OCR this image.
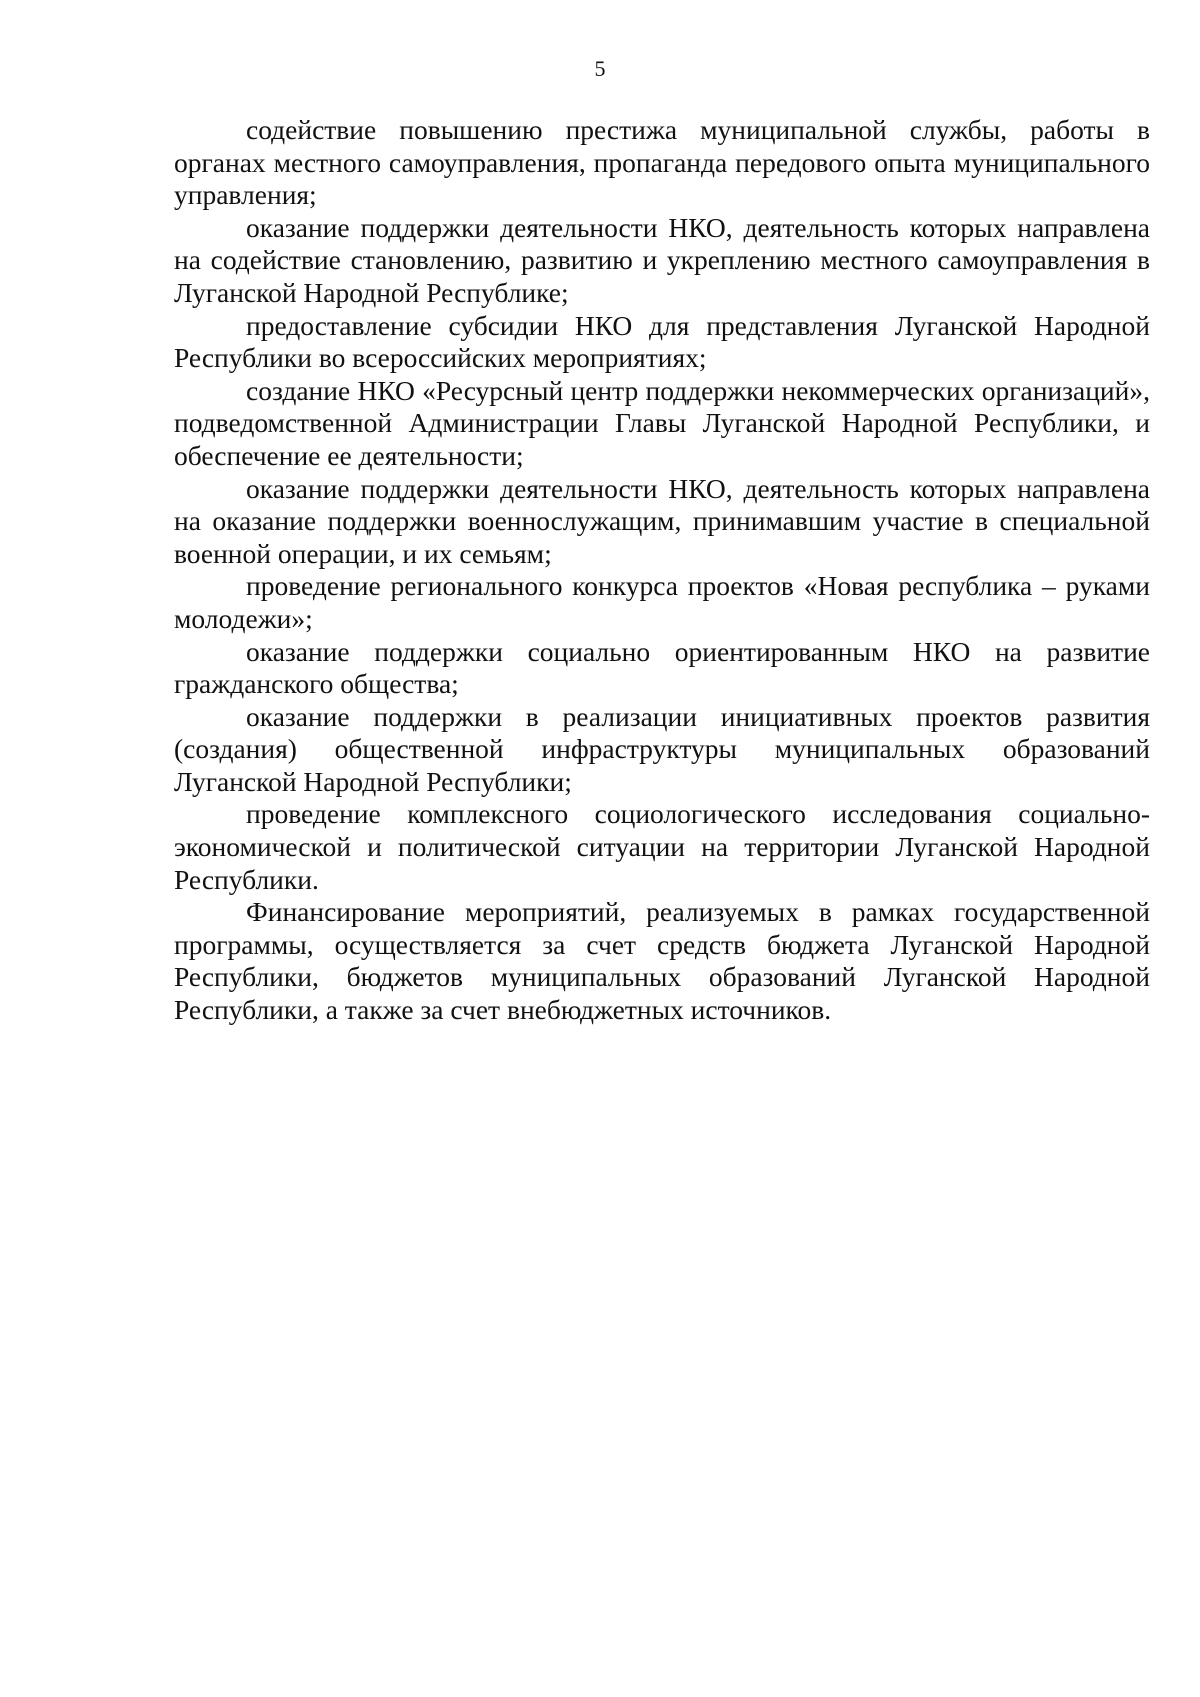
5

содействие повышению престижа муниципальной службы, работы в органах местного самоуправления, пропаганда передового опыта муниципального управления;

оказание поддержки деятельности НКО, деятельность которых направлена на содействие становлению, развитию и укреплению местного самоуправления в Луганской Народной Республике;

предоставление субсидии НКО для представления Луганской Народной Республики во всероссийских мероприятиях;

создание НКО «Ресурсный центр поддержки некоммерческих организаций», подведомственной Администрации Главы Луганской Народной Республики, и обеспечение ее деятельности;

оказание поддержки деятельности НКО, деятельность которых направлена на оказание поддержки военнослужащим, принимавшим участие в специальной военной операции, и их семьям;

проведение регионального конкурса проектов «Новая республика – руками молодежи»;

оказание поддержки социально ориентированным НКО на развитие гражданского общества;

оказание поддержки в реализации инициативных проектов развития (создания) общественной инфраструктуры муниципальных образований Луганской Народной Республики;

проведение комплексного социологического исследования социально-экономической и политической ситуации на территории Луганской Народной Республики.

Финансирование мероприятий, реализуемых в рамках государственной программы, осуществляется за счет средств бюджета Луганской Народной Республики, бюджетов муниципальных образований Луганской Народной Республики, а также за счет внебюджетных источников.
